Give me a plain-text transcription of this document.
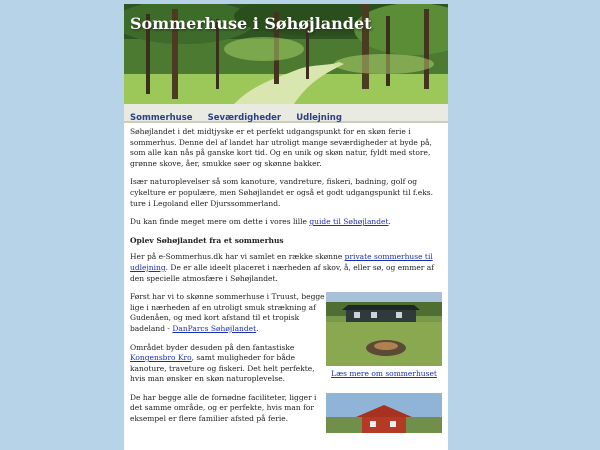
Sommerhuse i Søhøjlandet
Sommerhuse Seværdigheder Udlejning

Søhøjlandet i det midtjyske er et perfekt udgangspunkt for en skøn ferie i sommerhus. Denne del af landet har utroligt mange seværdigheder at byde på, som alle kan nås på ganske kort tid. Og en unik og skøn natur, fyldt med store, grønne skove, åer, smukke søer og skønne bakker.

Især naturoplevelser så som kanoture, vandreture, fiskeri, badning, golf og cykelture er populære, men Søhøjlandet er også et godt udgangspunkt til f.eks. ture i Legoland eller Djurssommerland.

Du kan finde meget mere om dette i vores lille guide til Søhøjlandet.

Oplev Søhøjlandet fra et sommerhus

Her på e-Sommerhus.dk har vi samlet en række skønne private sommerhuse til udlejning. De er alle ideelt placeret i nærheden af skov, å, eller sø, og emmer af den specielle atmosfære i Søhøjlandet.

Først har vi to skønne sommerhuse i Truust, begge lige i nærheden af en utroligt smuk strækning af Gudenåen, og med kort afstand til et tropisk badeland - DanParcs Søhøjlandet.

Området byder desuden på den fantastiske Kongensbro Kro, samt muligheder for både kanoture, traveture og fiskeri. Det helt perfekte, hvis man ønsker en skøn naturoplevelse.

Læs mere om sommerhuset

De har begge alle de fornødne faciliteter, ligger i det samme område, og er perfekte, hvis man for eksempel er flere familier afsted på ferie.
